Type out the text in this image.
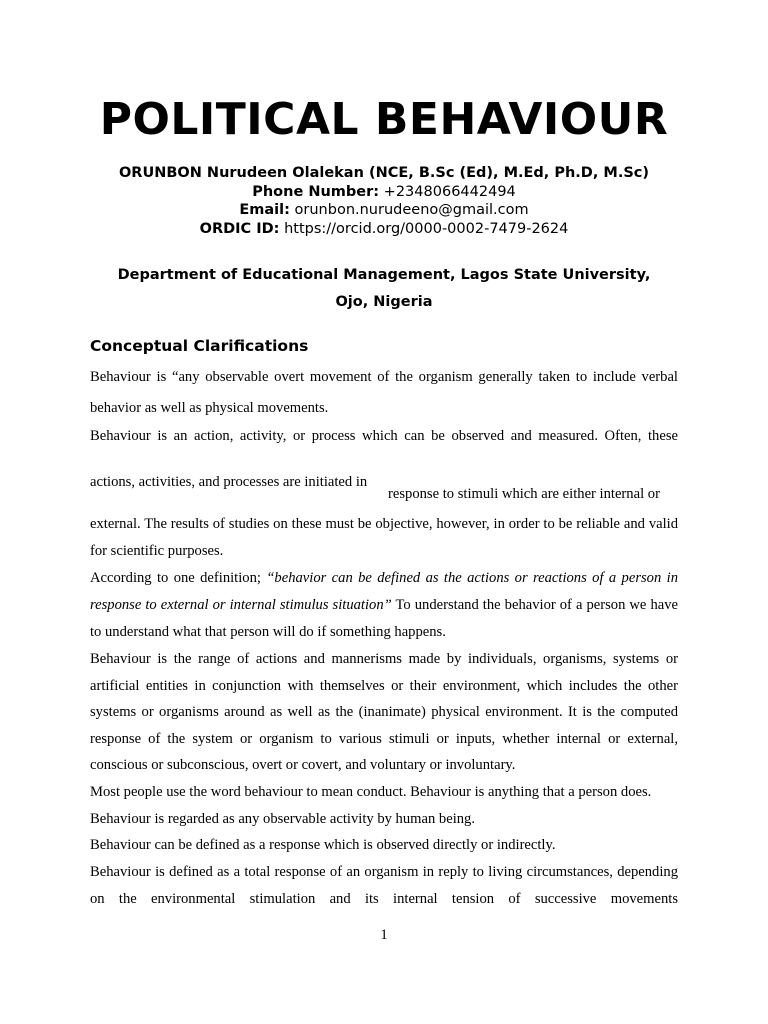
POLITICAL BEHAVIOUR
ORUNBON Nurudeen Olalekan (NCE, B.Sc (Ed), M.Ed, Ph.D, M.Sc)
Phone Number: +2348066442494
Email: orunbon.nurudeeno@gmail.com
ORDIC ID: https://orcid.org/0000-0002-7479-2624
Department of Educational Management, Lagos State University,
Ojo, Nigeria
Conceptual Clarifications
Behaviour is “any observable overt movement of the organism generally taken to include verbal
behavior as well as physical movements.
Behaviour is an action, activity, or process which can be observed and measured. Often, these
actions, activities, and processes are initiated in
response to stimuli which are either internal or
external. The results of studies on these must be objective, however, in order to be reliable and valid for scientific purposes.
According to one definition; “behavior can be defined as the actions or reactions of a person in response to external or internal stimulus situation” To understand the behavior of a person we have to understand what that person will do if something happens.
Behaviour is the range of actions and mannerisms made by individuals, organisms, systems or artificial entities in conjunction with themselves or their environment, which includes the other systems or organisms around as well as the (inanimate) physical environment. It is the computed response of the system or organism to various stimuli or inputs, whether internal or external, conscious or subconscious, overt or covert, and voluntary or involuntary.
Most people use the word behaviour to mean conduct. Behaviour is anything that a person does.
Behaviour is regarded as any observable activity by human being.
Behaviour can be defined as a response which is observed directly or indirectly.
Behaviour is defined as a total response of an organism in reply to living circumstances, depending on the environmental stimulation and its internal tension of successive movements
1
